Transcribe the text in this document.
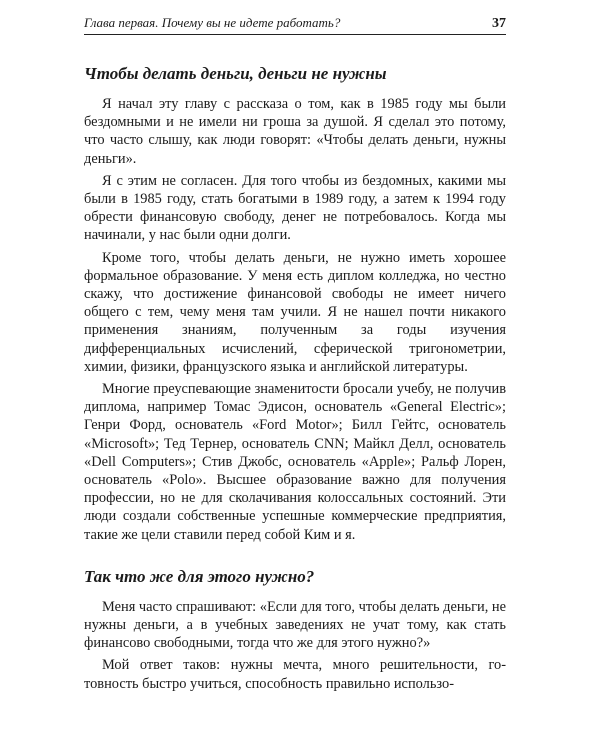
Глава первая. Почему вы не идете работать?	37
Чтобы делать деньги, деньги не нужны

Я начал эту главу с рассказа о том, как в 1985 году мы были бездомными и не имели ни гроша за душой. Я сделал это потому, что часто слышу, как люди говорят: «Чтобы делать деньги, нужны деньги».

Я с этим не согласен. Для того чтобы из бездомных, какими мы были в 1985 году, стать богатыми в 1989 году, а затем к 1994 году обрести финансовую свободу, денег не потребовалось. Когда мы начинали, у нас были одни долги.

Кроме того, чтобы делать деньги, не нужно иметь хорошее формальное образование. У меня есть диплом колледжа, но честно скажу, что достижение финансовой свободы не имеет ничего общего с тем, чему меня там учили. Я не нашел почти никакого применения знаниям, полученным за годы изучения дифференциальных исчислений, сферической тригонометрии, химии, физики, французского языка и английской литературы.

Многие преуспевающие знаменитости бросали учебу, не получив диплома, например Томас Эдисон, основатель «General Electric»; Генри Форд, основатель «Ford Motor»; Билл Гейтс, основатель «Microsoft»; Тед Тернер, основатель CNN; Майкл Делл, основатель «Dell Computers»; Стив Джобс, основатель «Apple»; Ральф Лорен, основатель «Polo». Высшее образование важно для получения профессии, но не для сколачивания колоссальных состояний. Эти люди создали собственные успешные коммерческие предприятия, такие же цели ставили перед собой Ким и я.

Так что же для этого нужно?

Меня часто спрашивают: «Если для того, чтобы делать деньги, не нужны деньги, а в учебных заведениях не учат тому, как стать финансово свободными, тогда что же для этого нужно?»

Мой ответ таков: нужны мечта, много решительности, готовность быстро учиться, способность правильно использо-
